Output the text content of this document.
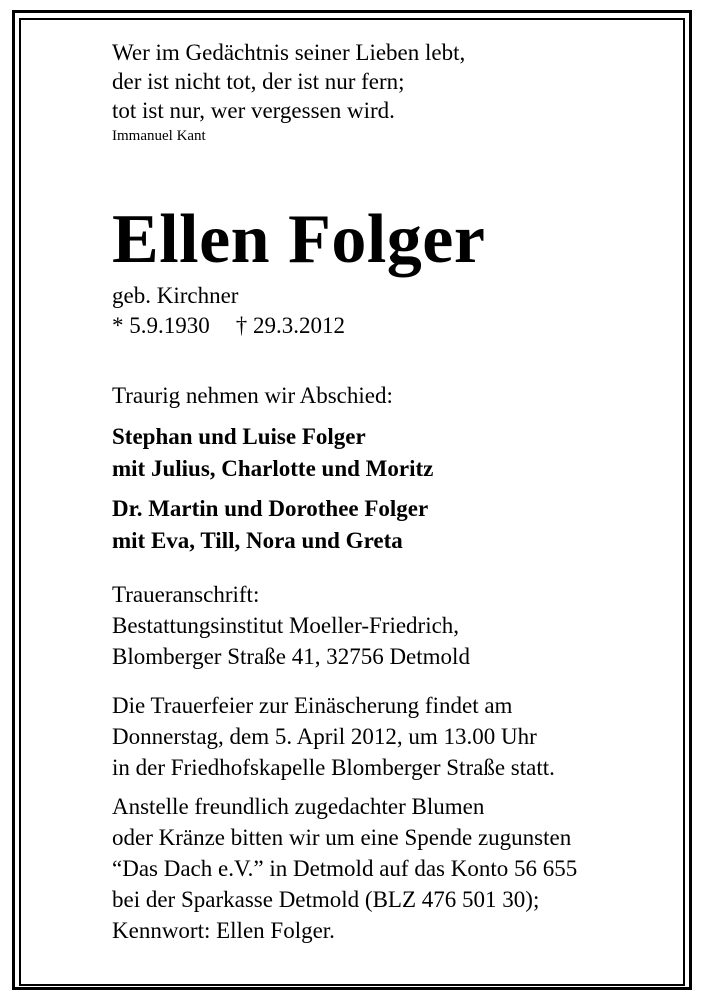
Wer im Gedächtnis seiner Lieben lebt,

der ist nicht tot, der ist nur fern;

tot ist nur, wer vergessen wird.

Immanuel Kant
Ellen Folger
geb. Kirchner
* 5.9.1930 † 29.3.2012
Traurig nehmen wir Abschied:
Stephan und Luise Folger
mit Julius, Charlotte und Moritz
Dr. Martin und Dorothee Folger
mit Eva, Till, Nora und Greta
Traueranschrift:
Bestattungsinstitut Moeller-Friedrich,
Blomberger Straße 41, 32756 Detmold
Die Trauerfeier zur Einäscherung findet am
Donnerstag, dem 5. April 2012, um 13.00 Uhr
in der Friedhofskapelle Blomberger Straße statt.
Anstelle freundlich zugedachter Blumen
oder Kränze bitten wir um eine Spende zugunsten
“Das Dach e.V.” in Detmold auf das Konto 56 655
bei der Sparkasse Detmold (BLZ 476 501 30);
Kennwort: Ellen Folger.
